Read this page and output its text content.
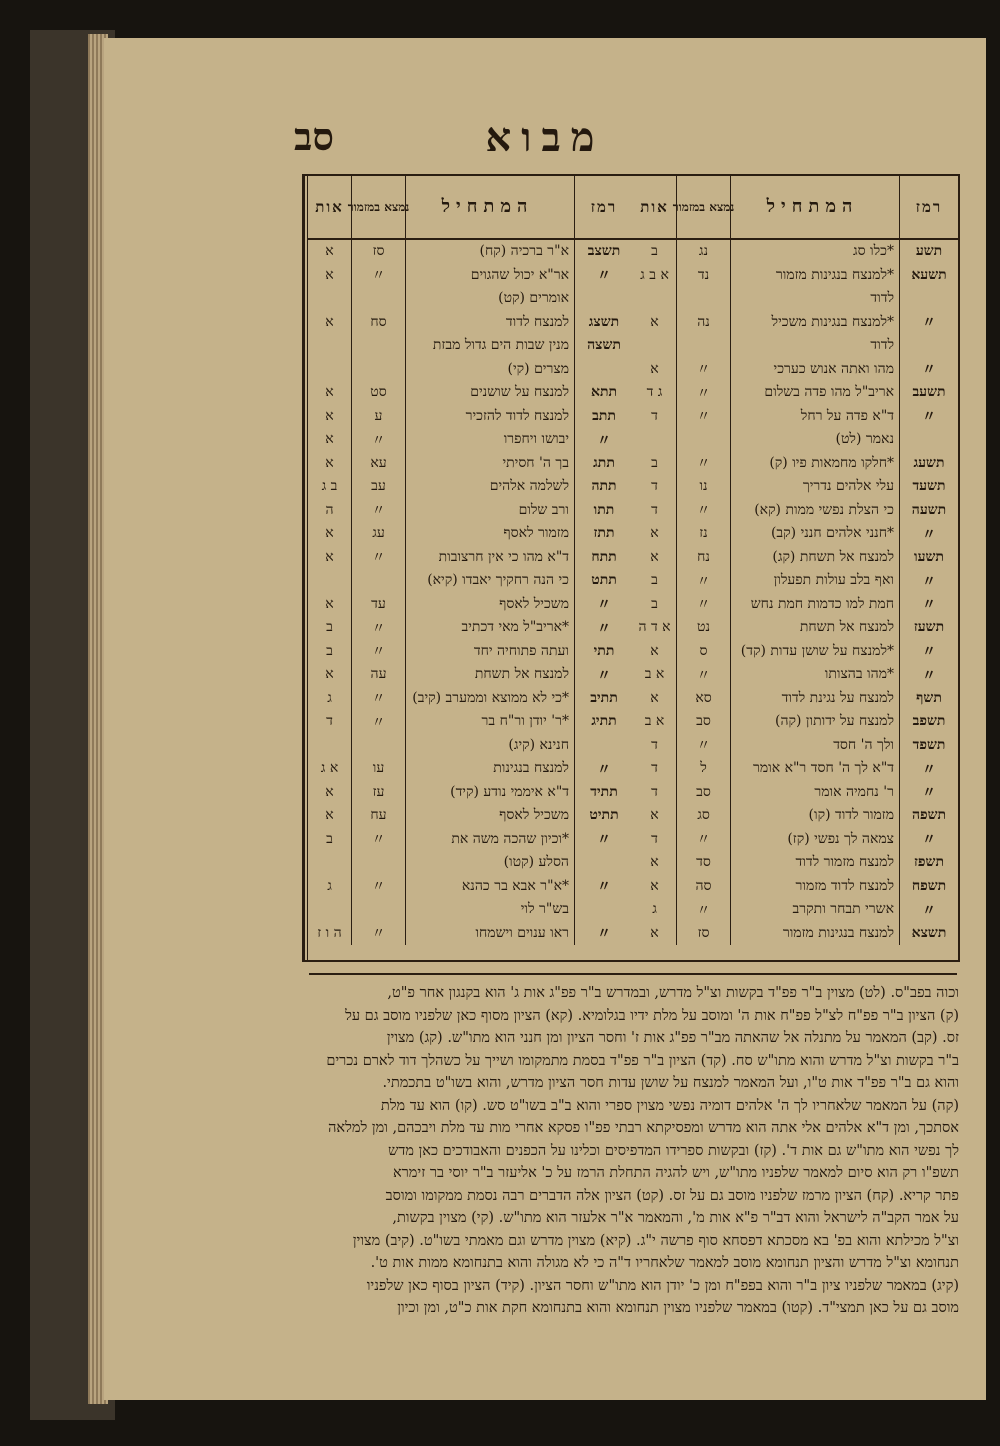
מבוא
סב
רמז
המתחיל
נמצא במזמור
אות
תשע
*כלו סג
נג
ב
תשעא
*למנצח בנגינות מזמור
נד
א ב ג
לדוד
〃
*למנצח בנגינות משכיל
נה
א
לדוד
〃
מהו ואתה אנוש כערכי
〃
א
תשעב
אריב"ל מהו פדה בשלום
〃
ג ד
〃
ד"א פדה על רחל
〃
ד
נאמר (לט)
תשעג
*חלקו מחמאות פיו (ק)
〃
ב
תשעד
עלי אלהים נדריך
נו
ד
תשעה
כי הצלת נפשי ממות (קא)
〃
ד
〃
*חנני אלהים חנני (קב)
נז
א
תשעו
למנצח אל תשחת (קג)
נח
א
〃
ואף בלב עולות תפעלון
〃
ב
〃
חמת למו כדמות חמת נחש
〃
ב
תשעז
למנצח אל תשחת
נט
א ד ה
〃
*למנצח על שושן עדות (קד)
ס
א
〃
*מהו בהצותו
〃
א ב
תשף
למנצח על נגינת לדוד
סא
א
תשפב
למנצח על ידותון (קה)
סב
א ב
תשפד
ולך ה' חסד
〃
ד
〃
ד"א לך ה' חסד ר"א אומר
ל
ד
〃
ר' נחמיה אומר
סב
ד
תשפה
מזמור לדוד (קו)
סג
א
〃
צמאה לך נפשי (קז)
〃
ד
תשפז
למנצח מזמור לדוד
סד
א
תשפח
למנצח לדוד מזמור
סה
א
〃
אשרי תבחר ותקרב
〃
ג
תשצא
למנצח בנגינות מזמור
סז
א
רמז
המתחיל
נמצא במזמור
אות
תשצב
א"ר ברכיה (קח)
סז
א
〃
אר"א יכול שהגוים
〃
א
אומרים (קט)
תשצג
למנצח לדוד
סח
א
תשצה
מנין שבות הים גדול מבזת
מצרים (קי)
תתא
למנצח על שושנים
סט
א
תתב
למנצח לדוד להזכיר
ע
א
〃
יבושו ויחפרו
〃
א
תתג
בך ה' חסיתי
עא
א
תתה
לשלמה אלהים
עב
ב ג
תתו
ורב שלום
〃
ה
תתז
מזמור לאסף
עג
א
תתח
ד"א מהו כי אין חרצובות
〃
א
תתט
כי הנה רחקיך יאבדו (קיא)
〃
משכיל לאסף
עד
א
〃
*אריב"ל מאי דכתיב
〃
ב
תתי
ועתה פתוחיה יחד
〃
ב
〃
למנצח אל תשחת
עה
א
תתיב
*כי לא ממוצא וממערב (קיב)
〃
ג
תתיג
*ר' יודן ור"ח בר
〃
ד
חנינא (קיג)
〃
למנצח בנגינות
עו
א ג
תתיד
ד"א איממי נודע (קיד)
עז
א
תתיט
משכיל לאסף
עח
א
〃
*וכיון שהכה משה את
〃
ב
הסלע (קטו)
〃
*א"ר אבא בר כהנא
〃
ג
בש"ר לוי
〃
ראו ענוים וישמחו
〃
ה ו ז

וכוה בפב"ס. (לט) מצוין ב"ר פפ"ד בקשות וצ"ל מדרש, ובמדרש ב"ר פפ"ג אות ג' הוא בקנגון אחר פ"ט,

(ק) הציון ב"ר פפ"ח לצ"ל פפ"ח אות ה' ומוסב על מלת ידיו בגלומיא. (קא) הציון מסוף כאן שלפניו מוסב גם על

זס. (קב) המאמר על מתנלה אל שהאתה מב"ר פפ"ג אות ז' וחסר הציון ומן חנני הוא מתו"ש. (קג) מצוין

ב"ר בקשות וצ"ל מדרש והוא מתו"ש סח. (קד) הציון ב"ר פפ"ד בסמת מתמקומו ושייך על כשהלך דוד לארם נכרים

והוא גם ב"ר פפ"ד אות ט"ו, ועל המאמר למנצח על שושן עדות חסר הציון מדרש, והוא בשו"ט בתכמתי.

(קה) על המאמר שלאחריו לך ה' אלהים דומיה נפשי מצוין ספרי והוא ב"ב בשו"ט סש. (קו) הוא עד מלת

אסתכך, ומן ד"א אלהים אלי אתה הוא מדרש ומפסיקתא רבתי פפ"ו פסקא אחרי מות עד מלת ויבכהם, ומן למלאה

לך נפשי הוא מתו"ש גם אות ד'. (קז) ובקשות ספרידו המדפיסים וכלינו על הכפנים והאבודכים כאן מדש

תשפ"ו רק הוא סיום למאמר שלפניו מתו"ש, ויש להגיה התחלת הרמז על כ' אליעזר ב"ר יוסי בר זימרא

פתר קריא. (קח) הציון מרמז שלפניו מוסב גם על זס. (קט) הציון אלה הדברים רבה נסמת ממקומו ומוסב

על אמר הקב"ה לישראל והוא דב"ר פ"א אות מ', והמאמר א"ר אלעזר הוא מתו"ש. (קי) מצוין בקשות,

וצ"ל מכילתא והוא בפ' בא מסכתא דפסחא סוף פרשה י"ג. (קיא) מצוין מדרש וגם מאמתי בשו"ט. (קיב) מצוין

תנחומא וצ"ל מדרש והציון תנחומא מוסב למאמר שלאחריו ד"ה כי לא מגולה והוא בתנחומא ממות אות ט'.

(קיג) במאמר שלפניו ציון ב"ר והוא בפפ"ח ומן כ' יודן הוא מתו"ש וחסר הציון. (קיד) הציון בסוף כאן שלפניו

מוסב גם על כאן תמצי"ד. (קטו) במאמר שלפניו מצוין תנחומא והוא בתנחומא חקת אות כ"ט, ומן וכיון
